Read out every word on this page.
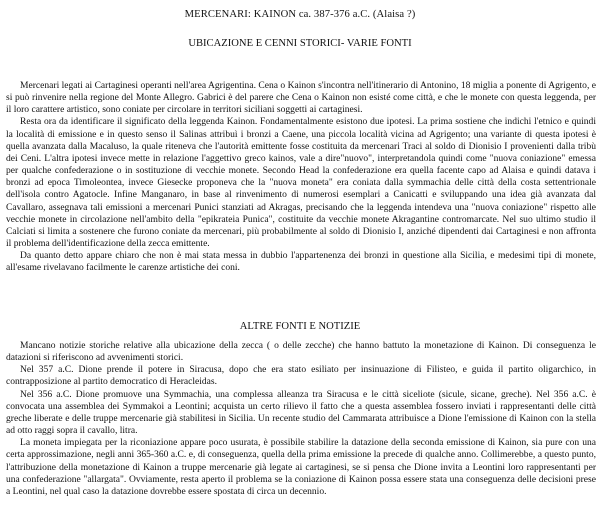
MERCENARI: KAINON ca. 387-376 a.C. (Alaisa ?)
UBICAZIONE E CENNI STORICI- VARIE FONTI

Mercenari legati ai Cartaginesi operanti nell'area Agrigentina. Cena o Kainon s'incontra nell'itinerario di Antonino, 18 miglia a ponente di Agrigento, e si può rinvenire nella regione del Monte Allegro. Gabrici è del parere che Cena o Kainon non esisté come città, e che le monete con questa leggenda, per il loro carattere artistico, sono coniate per circolare in territori siciliani soggetti ai cartaginesi.

Resta ora da identificare il significato della leggenda Kainon. Fondamentalmente esistono due ipotesi. La prima sostiene che indichi l'etnico e quindi la località di emissione e in questo senso il Salinas attribuì i bronzi a Caene, una piccola località vicina ad Agrigento; una variante di questa ipotesi è quella avanzata dalla Macaluso, la quale riteneva che l'autorità emittente fosse costituita da mercenari Traci al soldo di Dionisio I provenienti dalla tribù dei Ceni. L'altra ipotesi invece mette in relazione l'aggettivo greco kainos, vale a dire"nuovo", interpretandola quindi come "nuova coniazione" emessa per qualche confederazione o in sostituzione di vecchie monete. Secondo Head la confederazione era quella facente capo ad Alaisa e quindi datava i bronzi ad epoca Timoleontea, invece Giesecke proponeva che la "nuova moneta" era coniata dalla symmachia delle città della costa settentrionale dell'isola contro Agatocle. Infine Manganaro, in base al rinvenimento di numerosi esemplari a Canicatti e sviluppando una idea già avanzata dal Cavallaro, assegnava tali emissioni a mercenari Punici stanziati ad Akragas, precisando che la leggenda intendeva una "nuova coniazione" rispetto alle vecchie monete in circolazione nell'ambito della "epikrateia Punica", costituite da vecchie monete Akragantine contromarcate. Nel suo ultimo studio il Calciati si limita a sostenere che furono coniate da mercenari, più probabilmente al soldo di Dionisio I, anziché dipendenti dai Cartaginesi e non affronta il problema dell'identificazione della zecca emittente.

Da quanto detto appare chiaro che non è mai stata messa in dubbio l'appartenenza dei bronzi in questione alla Sicilia, e medesimi tipi di monete, all'esame rivelavano facilmente le carenze artistiche dei coni.

ALTRE FONTI E NOTIZIE

Mancano notizie storiche relative alla ubicazione della zecca ( o delle zecche) che hanno battuto la monetazione di Kainon. Di conseguenza le datazioni si riferiscono ad avvenimenti storici.

Nel 357 a.C. Dione prende il potere in Siracusa, dopo che era stato esiliato per insinuazione di Filisteo, e guida il partito oligarchico, in contrapposizione al partito democratico di Heracleidas.

Nel 356 a.C. Dione promuove una Symmachia, una complessa alleanza tra Siracusa e le città siceliote (sicule, sicane, greche). Nel 356 a.C. è convocata una assemblea dei Symmakoi a Leontini; acquista un certo rilievo il fatto che a questa assemblea fossero inviati i rappresentanti delle città greche liberate e delle truppe mercenarie già stabilitesi in Sicilia. Un recente studio del Cammarata attribuisce a Dione l'emissione di Kainon con la stella ad otto raggi sopra il cavallo, litra.

La moneta impiegata per la riconiazione appare poco usurata, è possibile stabilire la datazione della seconda emissione di Kainon, sia pure con una certa approssimazione, negli anni 365-360 a.C. e, di conseguenza, quella della prima emissione la precede di qualche anno. Collimerebbe, a questo punto, l'attribuzione della monetazione di Kainon a truppe mercenarie già legate ai cartaginesi, se si pensa che Dione invita a Leontini loro rappresentanti per una confederazione "allargata". Ovviamente, resta aperto il problema se la coniazione di Kainon possa essere stata una conseguenza delle decisioni prese a Leontini, nel qual caso la datazione dovrebbe essere spostata di circa un decennio.
